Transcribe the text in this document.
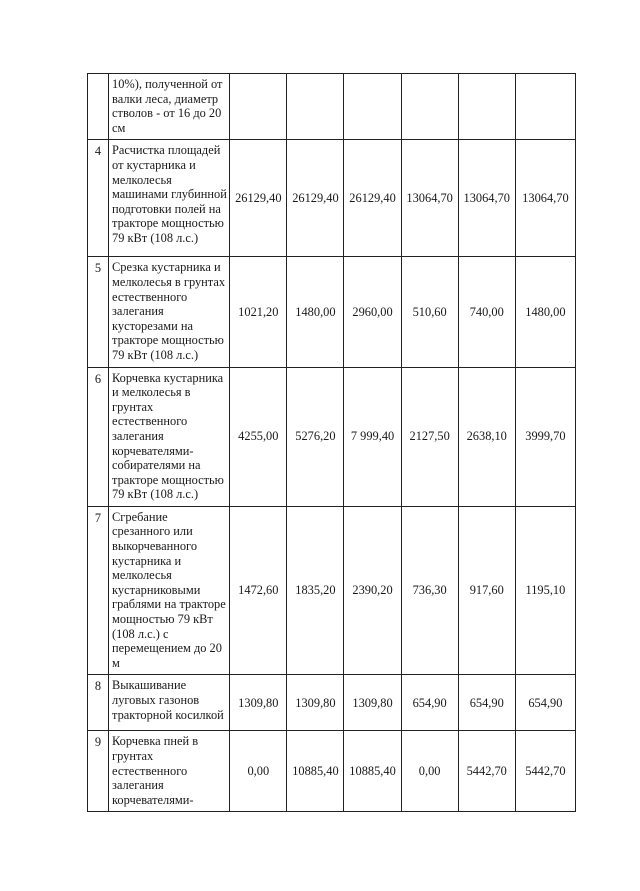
	10%), полученной от валки леса, диаметр стволов - от 16 до 20 см						
4	Расчистка площадей от кустарника и мелколесья машинами глубинной подготовки полей на тракторе мощностью 79 кВт (108 л.с.)	26129,40	26129,40	26129,40	13064,70	13064,70	13064,70
5	Срезка кустарника и мелколесья в грунтах естественного залегания кусторезами на тракторе мощностью 79 кВт (108 л.с.)	1021,20	1480,00	2960,00	510,60	740,00	1480,00
6	Корчевка кустарника и мелколесья в грунтах естественного залегания корчевателями-собирателями на тракторе мощностью 79 кВт (108 л.с.)	4255,00	5276,20	7 999,40	2127,50	2638,10	3999,70
7	Сгребание срезанного или выкорчеванного кустарника и мелколесья кустарниковыми граблями на тракторе мощностью 79 кВт (108 л.с.) с перемещением до 20 м	1472,60	1835,20	2390,20	736,30	917,60	1195,10
8	Выкашивание луговых газонов тракторной косилкой	1309,80	1309,80	1309,80	654,90	654,90	654,90
9	Корчевка пней в грунтах естественного залегания корчевателями-	0,00	10885,40	10885,40	0,00	5442,70	5442,70
